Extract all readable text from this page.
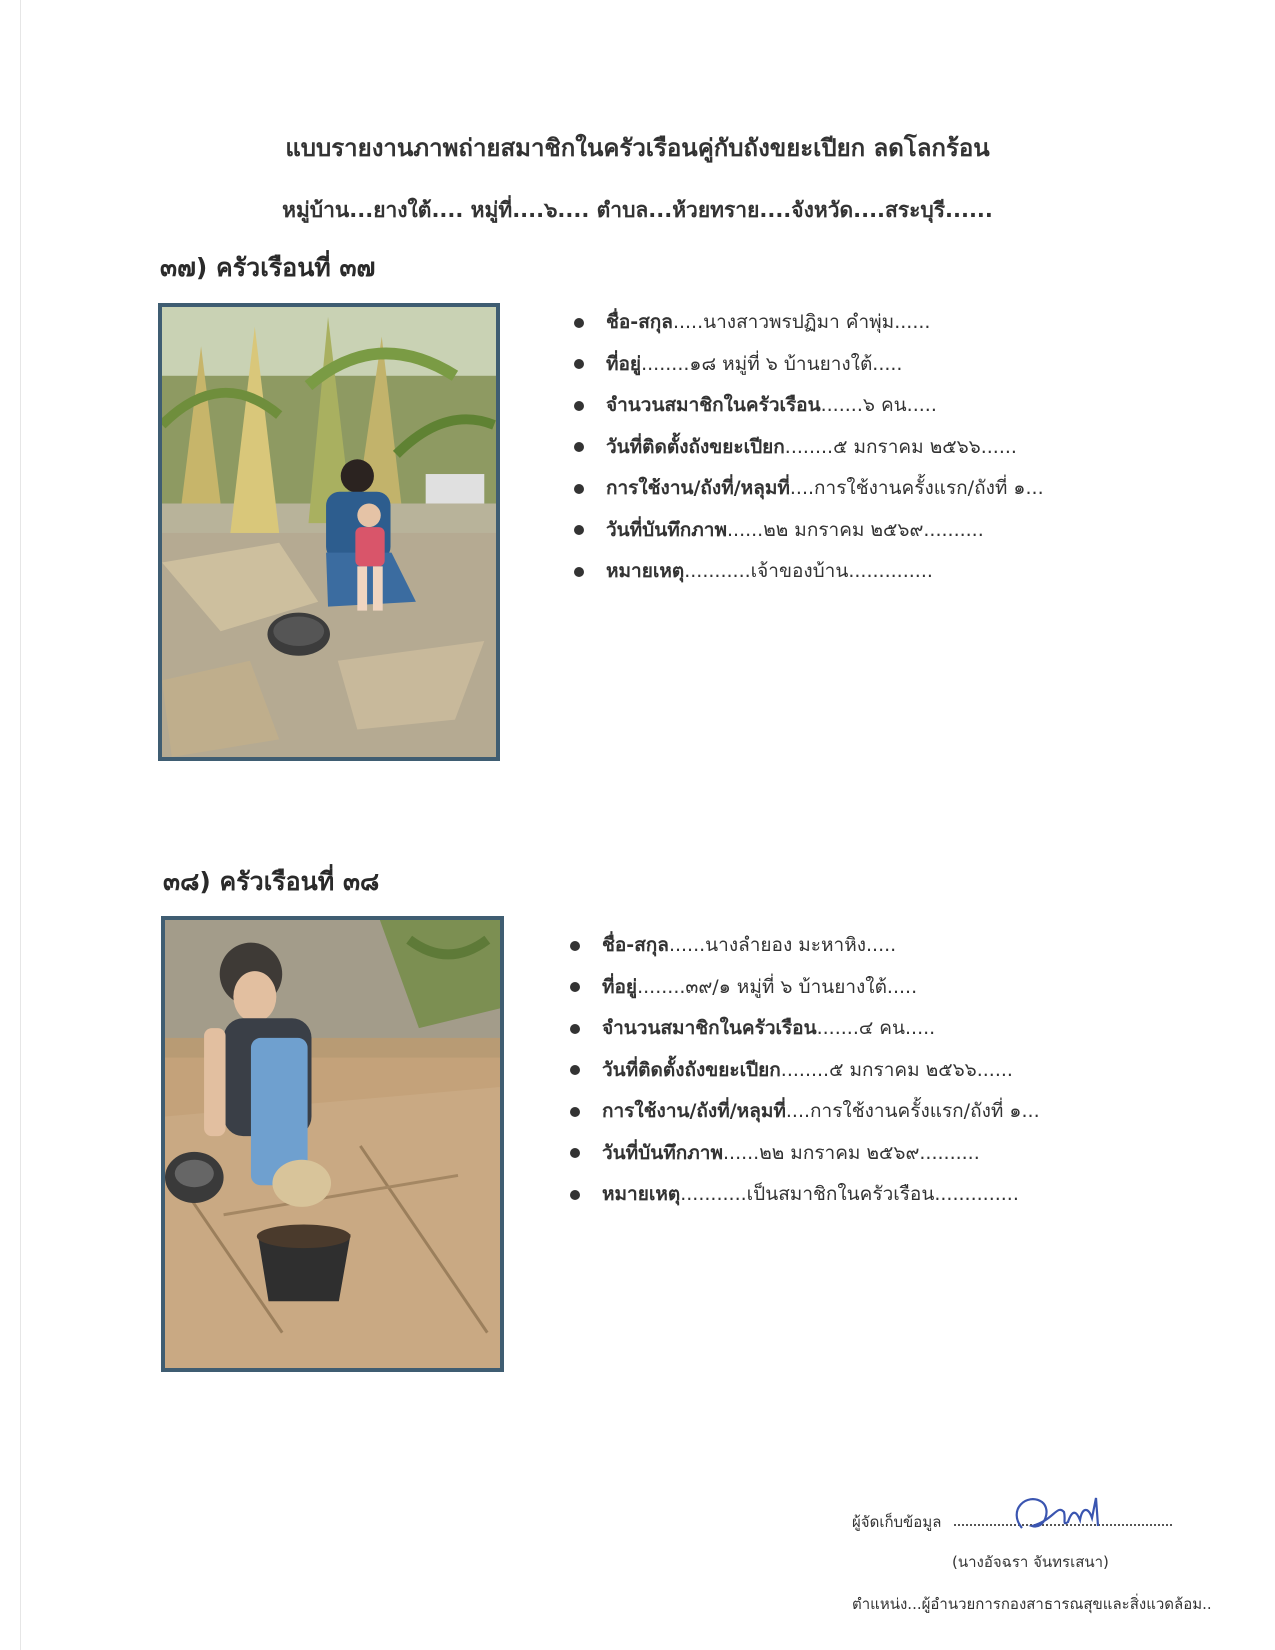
แบบรายงานภาพถ่ายสมาชิกในครัวเรือนคู่กับถังขยะเปียก ลดโลกร้อน
หมู่บ้าน...ยางใต้.... หมู่ที่....๖.... ตำบล...ห้วยทราย....จังหวัด....สระบุรี......
๓๗) ครัวเรือนที่ ๓๗
ชื่อ-สกุล.....นางสาวพรปฏิมา คำพุ่ม......
ที่อยู่........๑๘ หมู่ที่ ๖ บ้านยางใต้.....
จำนวนสมาชิกในครัวเรือน.......๖ คน.....
วันที่ติดตั้งถังขยะเปียก........๕ มกราคม ๒๕๖๖......
การใช้งาน/ถังที่/หลุมที่....การใช้งานครั้งแรก/ถังที่ ๑...
วันที่บันทึกภาพ......๒๒ มกราคม ๒๕๖๙..........
หมายเหตุ...........เจ้าของบ้าน..............
๓๘) ครัวเรือนที่ ๓๘
ชื่อ-สกุล......นางลำยอง มะหาหิง.....
ที่อยู่........๓๙/๑ หมู่ที่ ๖ บ้านยางใต้.....
จำนวนสมาชิกในครัวเรือน.......๔ คน.....
วันที่ติดตั้งถังขยะเปียก........๕ มกราคม ๒๕๖๖......
การใช้งาน/ถังที่/หลุมที่....การใช้งานครั้งแรก/ถังที่ ๑...
วันที่บันทึกภาพ......๒๒ มกราคม ๒๕๖๙..........
หมายเหตุ...........เป็นสมาชิกในครัวเรือน..............
ผู้จัดเก็บข้อมูล
(นางอัจฉรา จันทรเสนา)
ตำแหน่ง...ผู้อำนวยการกองสาธารณสุขและสิ่งแวดล้อม..
